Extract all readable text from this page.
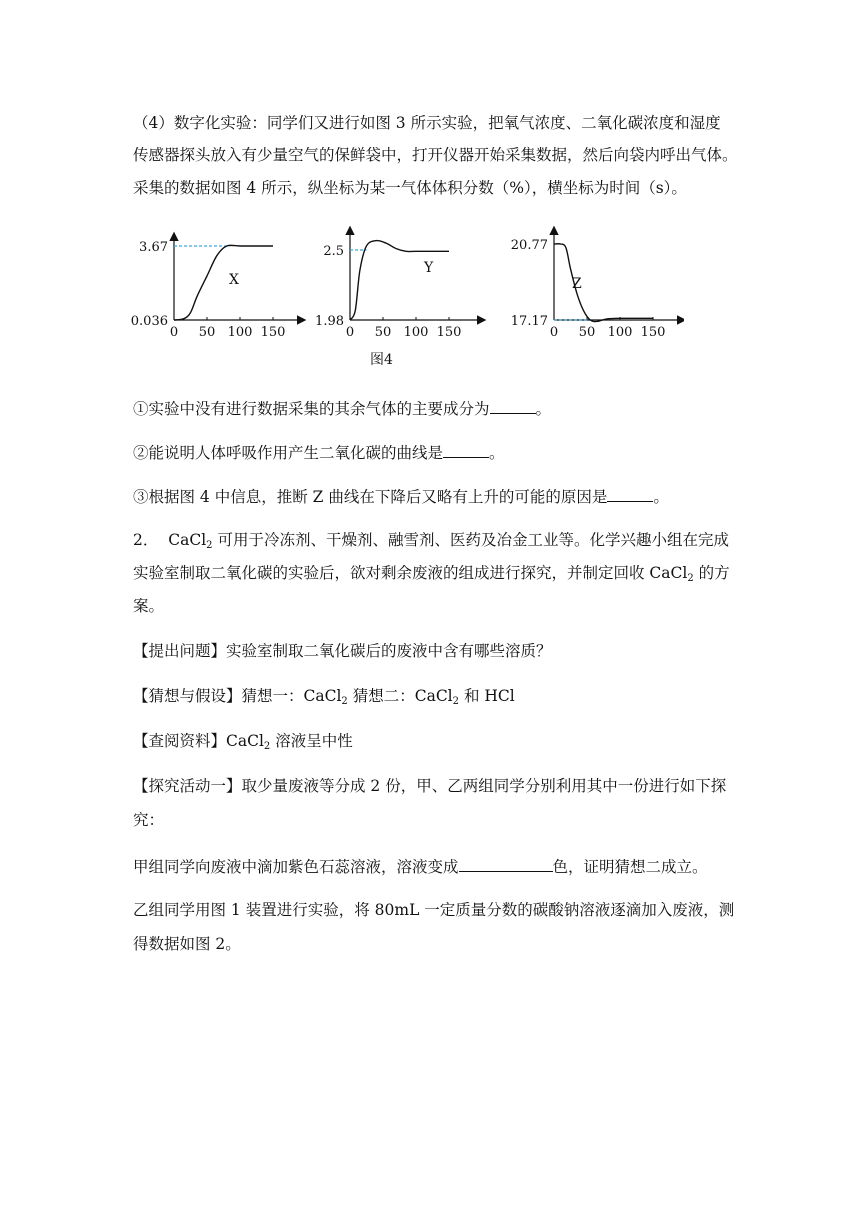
（4）数字化实验：同学们又进行如图 3 所示实验，把氧气浓度、二氧化碳浓度和湿度
传感器探头放入有少量空气的保鲜袋中，打开仪器开始采集数据，然后向袋内呼出气体。
采集的数据如图 4 所示，纵坐标为某一气体体积分数（%），横坐标为时间（s）。
0 50 100 150
0.036
3.67
X
0 50 100 150
1.98
2.5
Y
0 50 100 150
17.17
20.77
Z
图4
①实验中没有进行数据采集的其余气体的主要成分为	。
②能说明人体呼吸作用产生二氧化碳的曲线是	。
③根据图 4 中信息，推断 Z 曲线在下降后又略有上升的可能的原因是	。
2． CaCl$_2$ 可用于冷冻剂、干燥剂、融雪剂、医药及冶金工业等。化学兴趣小组在完成
实验室制取二氧化碳的实验后，欲对剩余废液的组成进行探究，并制定回收 CaCl$_2$ 的方
案。
【提出问题】实验室制取二氧化碳后的废液中含有哪些溶质？
【猜想与假设】猜想一：CaCl$_2$ 猜想二：CaCl$_2$ 和 HCl
【查阅资料】CaCl$_2$ 溶液呈中性
【探究活动一】取少量废液等分成 2 份，甲、乙两组同学分别利用其中一份进行如下探
究：
甲组同学向废液中滴加紫色石蕊溶液，溶液变成	色，证明猜想二成立。
乙组同学用图 1 装置进行实验，将 80mL 一定质量分数的碳酸钠溶液逐滴加入废液，测
得数据如图 2。
